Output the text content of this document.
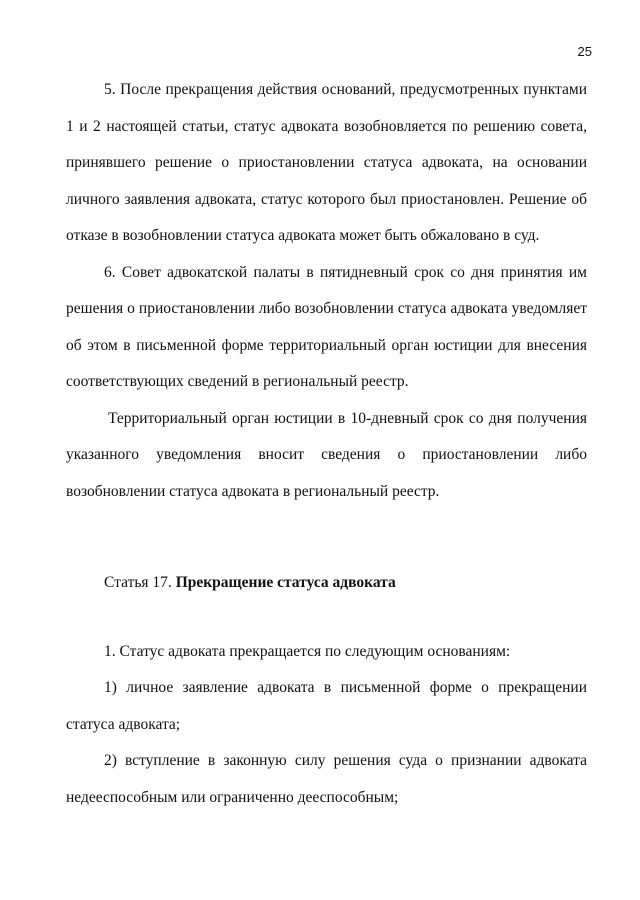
25

5. После прекращения действия оснований, предусмотренных пунктами 1 и 2 настоящей статьи, статус адвоката возобновляется по решению совета, принявшего решение о приостановлении статуса адвоката, на основании личного заявления адвоката, статус которого был приостановлен. Решение об отказе в возобновлении статуса адвоката может быть обжаловано в суд.

6. Совет адвокатской палаты в пятидневный срок со дня принятия им решения о приостановлении либо возобновлении статуса адвоката уведомляет об этом в письменной форме территориальный орган юстиции для внесения соответствующих сведений в региональный реестр.

Территориальный орган юстиции в 10-дневный срок со дня получения указанного уведомления вносит сведения о приостановлении либо возобновлении статуса адвоката в региональный реестр.

Статья 17. Прекращение статуса адвоката

1. Статус адвоката прекращается по следующим основаниям:

1) личное заявление адвоката в письменной форме о прекращении статуса адвоката;

2) вступление в законную силу решения суда о признании адвоката недееспособным или ограниченно дееспособным;
